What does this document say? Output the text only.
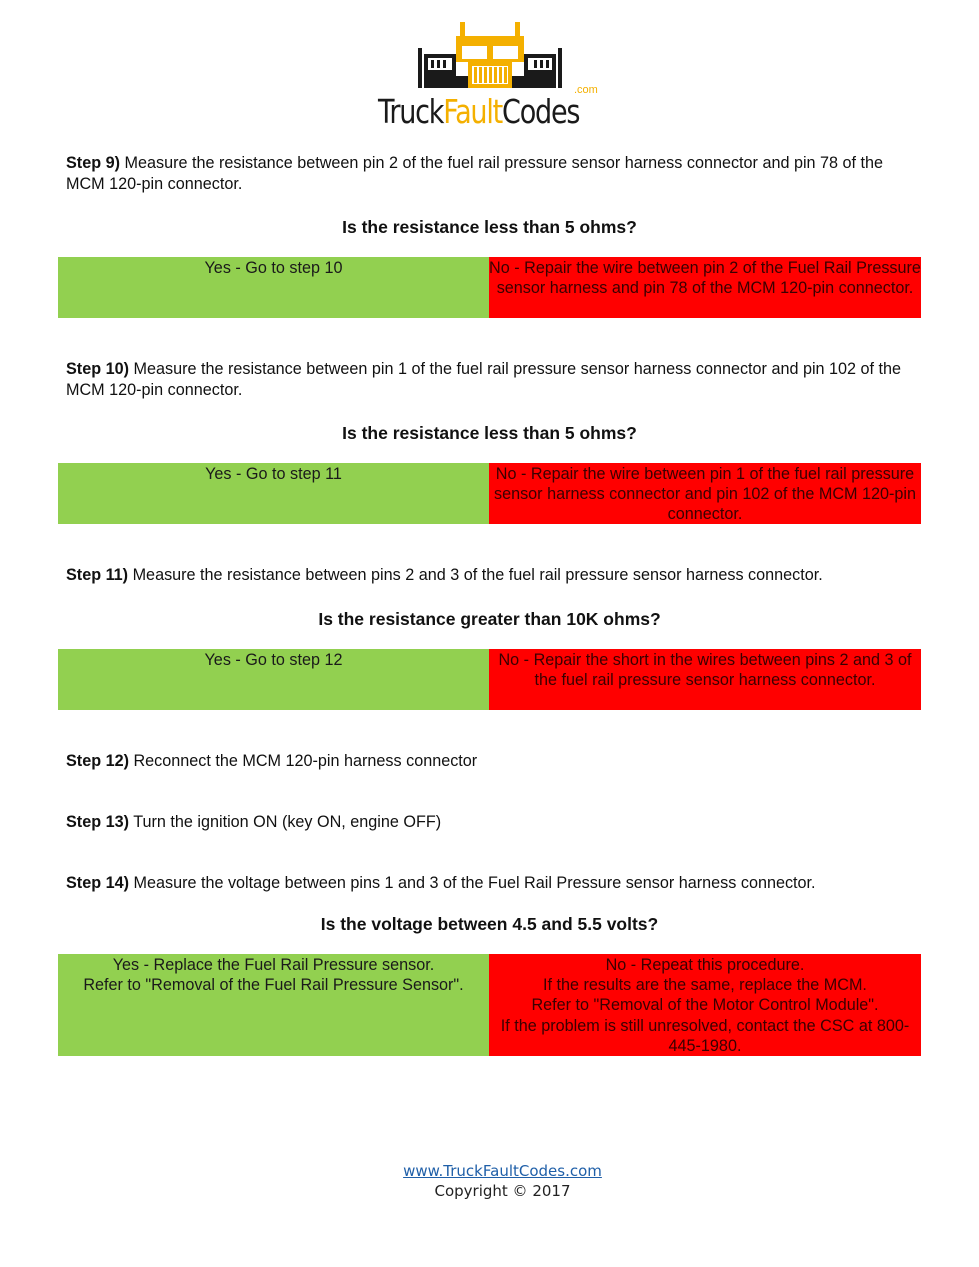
.com
TruckFaultCodes
Step 9) Measure the resistance between pin 2 of the fuel rail pressure sensor harness connector and pin 78 of the MCM 120-pin connector.
Is the resistance less than 5 ohms?
Yes - Go to step 10	No - Repair the wire between pin 2 of the Fuel Rail Pressure sensor harness and pin 78 of the MCM 120-pin connector.
Step 10) Measure the resistance between pin 1 of the fuel rail pressure sensor harness connector and pin 102 of the MCM 120-pin connector.
Is the resistance less than 5 ohms?
Yes - Go to step 11	No - Repair the wire between pin 1 of the fuel rail pressure sensor harness connector and pin 102 of the MCM 120-pin connector.
Step 11) Measure the resistance between pins 2 and 3 of the fuel rail pressure sensor harness connector.
Is the resistance greater than 10K ohms?
Yes - Go to step 12	No - Repair the short in the wires between pins 2 and 3 of the fuel rail pressure sensor harness connector.
Step 12) Reconnect the MCM 120-pin harness connector
Step 13) Turn the ignition ON (key ON, engine OFF)
Step 14) Measure the voltage between pins 1 and 3 of the Fuel Rail Pressure sensor harness connector.
Is the voltage between 4.5 and 5.5 volts?
Yes - Replace the Fuel Rail Pressure sensor.
Refer to "Removal of the Fuel Rail Pressure Sensor".
No - Repeat this procedure.
If the results are the same, replace the MCM.
Refer to "Removal of the Motor Control Module".
If the problem is still unresolved, contact the CSC at 800-445-1980.
www.TruckFaultCodes.com
Copyright © 2017
